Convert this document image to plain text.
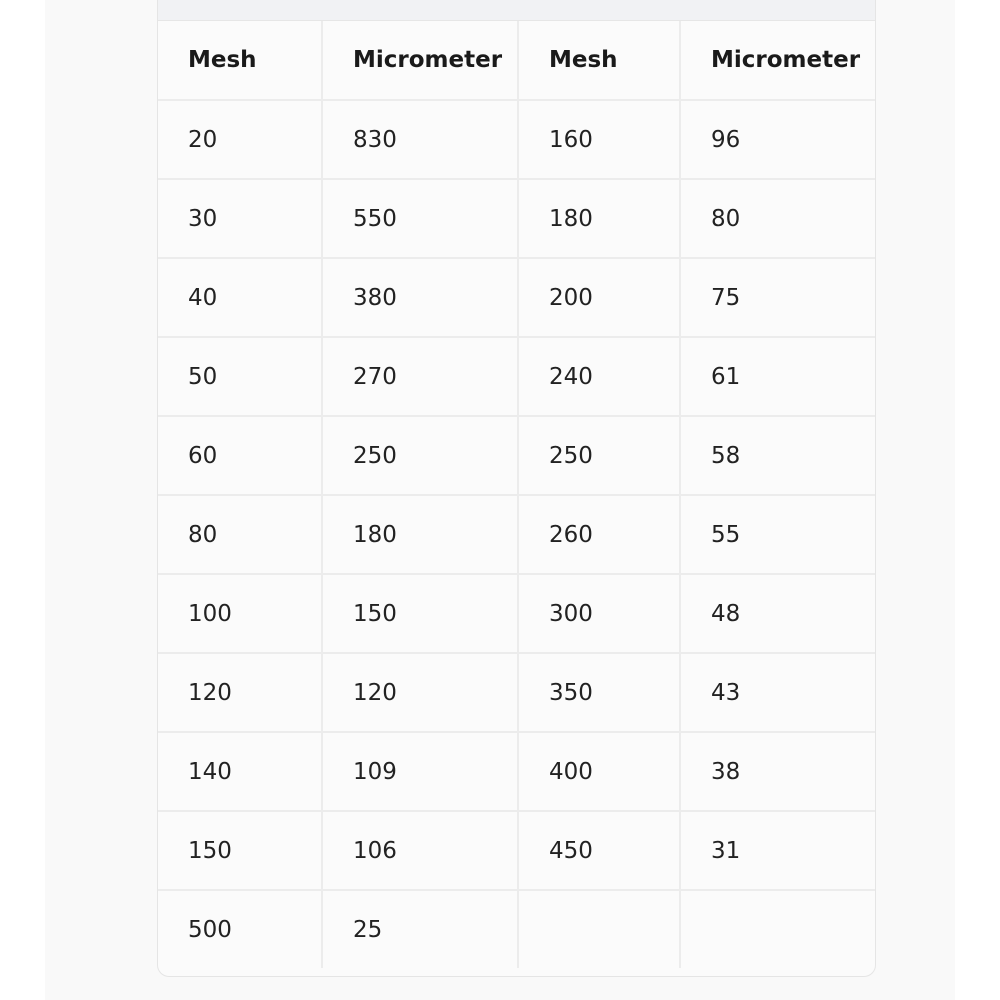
Mesh	Micrometer	Mesh	Micrometer
20	830	160	96
30	550	180	80
40	380	200	75
50	270	240	61
60	250	250	58
80	180	260	55
100	150	300	48
120	120	350	43
140	109	400	38
150	106	450	31
500	25		
